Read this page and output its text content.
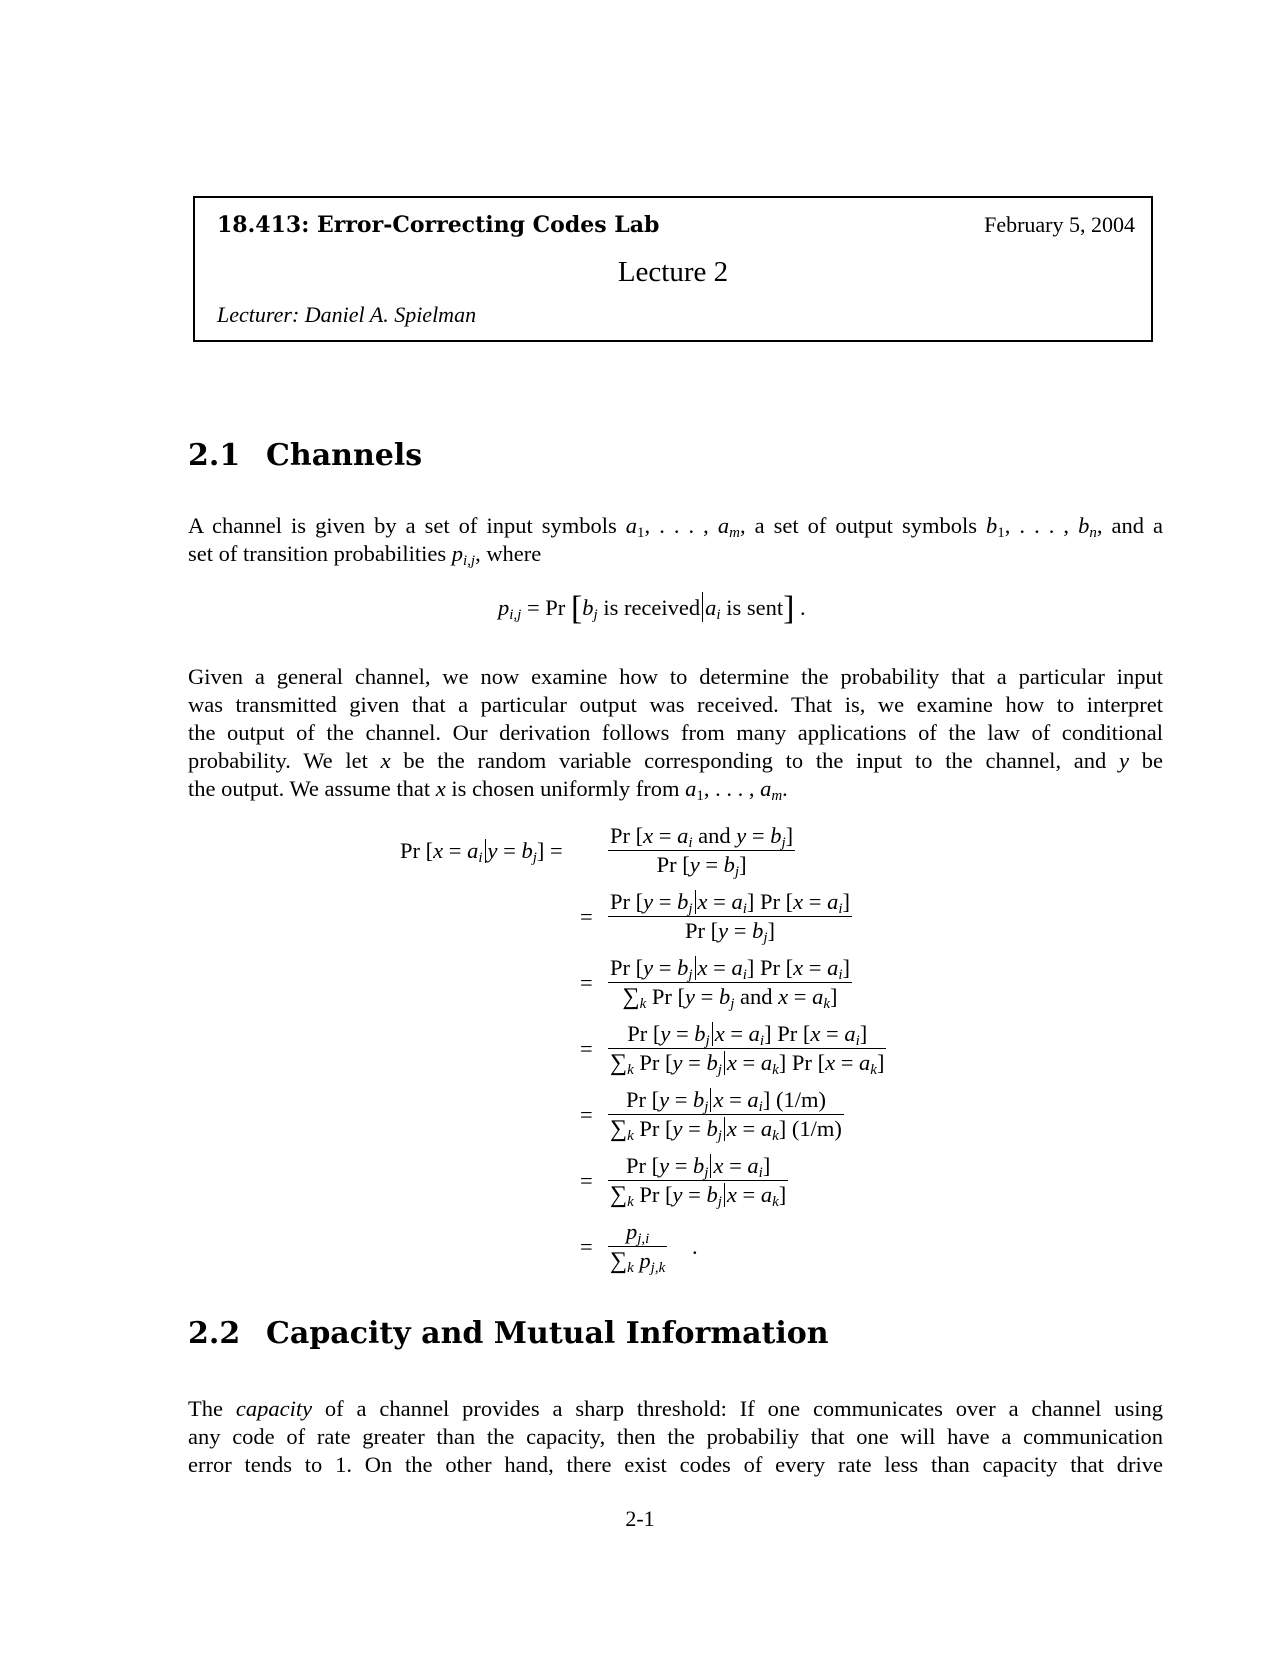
18.413: Error-Correcting Codes Lab	February 5, 2004
Lecture 2
Lecturer: Daniel A. Spielman
2.1 Channels
A channel is given by a set of input symbols $a_1$, . . . , $a_m$, a set of output symbols $b_1$, . . . , $b_n$, and a
set of transition probabilities $p_{i,j}$, where
$p_{i,j} = Pr$ [$b_j$ is received $a_i$ is sent] .
Given a general channel, we now examine how to determine the probability that a particular input
was transmitted given that a particular output was received. That is, we examine how to interpret
the output of the channel. Our derivation follows from many applications of the law of conditional
probability. We let x be the random variable corresponding to the input to the channel, and y be
the output. We assume that x is chosen uniformly from $a_1$, . . . , $a_m$.
Pr [$x = a_i$ $y = b_j$] =
Pr [$x = a_i$ and $y = b_j$]
Pr $[y = b_j]$
=
Pr [$y = b_j$ $x = a_i$] Pr $[x = a_i]$
Pr $[y = b_j]$
=
Pr [$y = b_j$ $x = a_i$] Pr $[x = a_i]$
$\sum_k$ Pr [$y = b_j$ and $x = a_k$]
=
Pr [$y = b_j$ $x = a_i$] Pr $[x = a_i]$
$\sum_k$ Pr [$y = b_j$ $x = a_k$] Pr $[x = a_k]$
=
Pr [$y = b_j$ $x = a_i$] (1/m)
$\sum_k$ Pr [$y = b_j$ $x = a_k$] (1/m)
=
Pr [$y = b_j$ $x = a_i$]
$\sum_k$ Pr [$y = b_j$ $x = a_k$]
= $\frac{p_{j,i}}{\sum_k p_{j,k}}$ .
2.2 Capacity and Mutual Information
The capacity of a channel provides a sharp threshold: If one communicates over a channel using
any code of rate greater than the capacity, then the probabiliy that one will have a communication
error tends to 1. On the other hand, there exist codes of every rate less than capacity that drive
2-1
